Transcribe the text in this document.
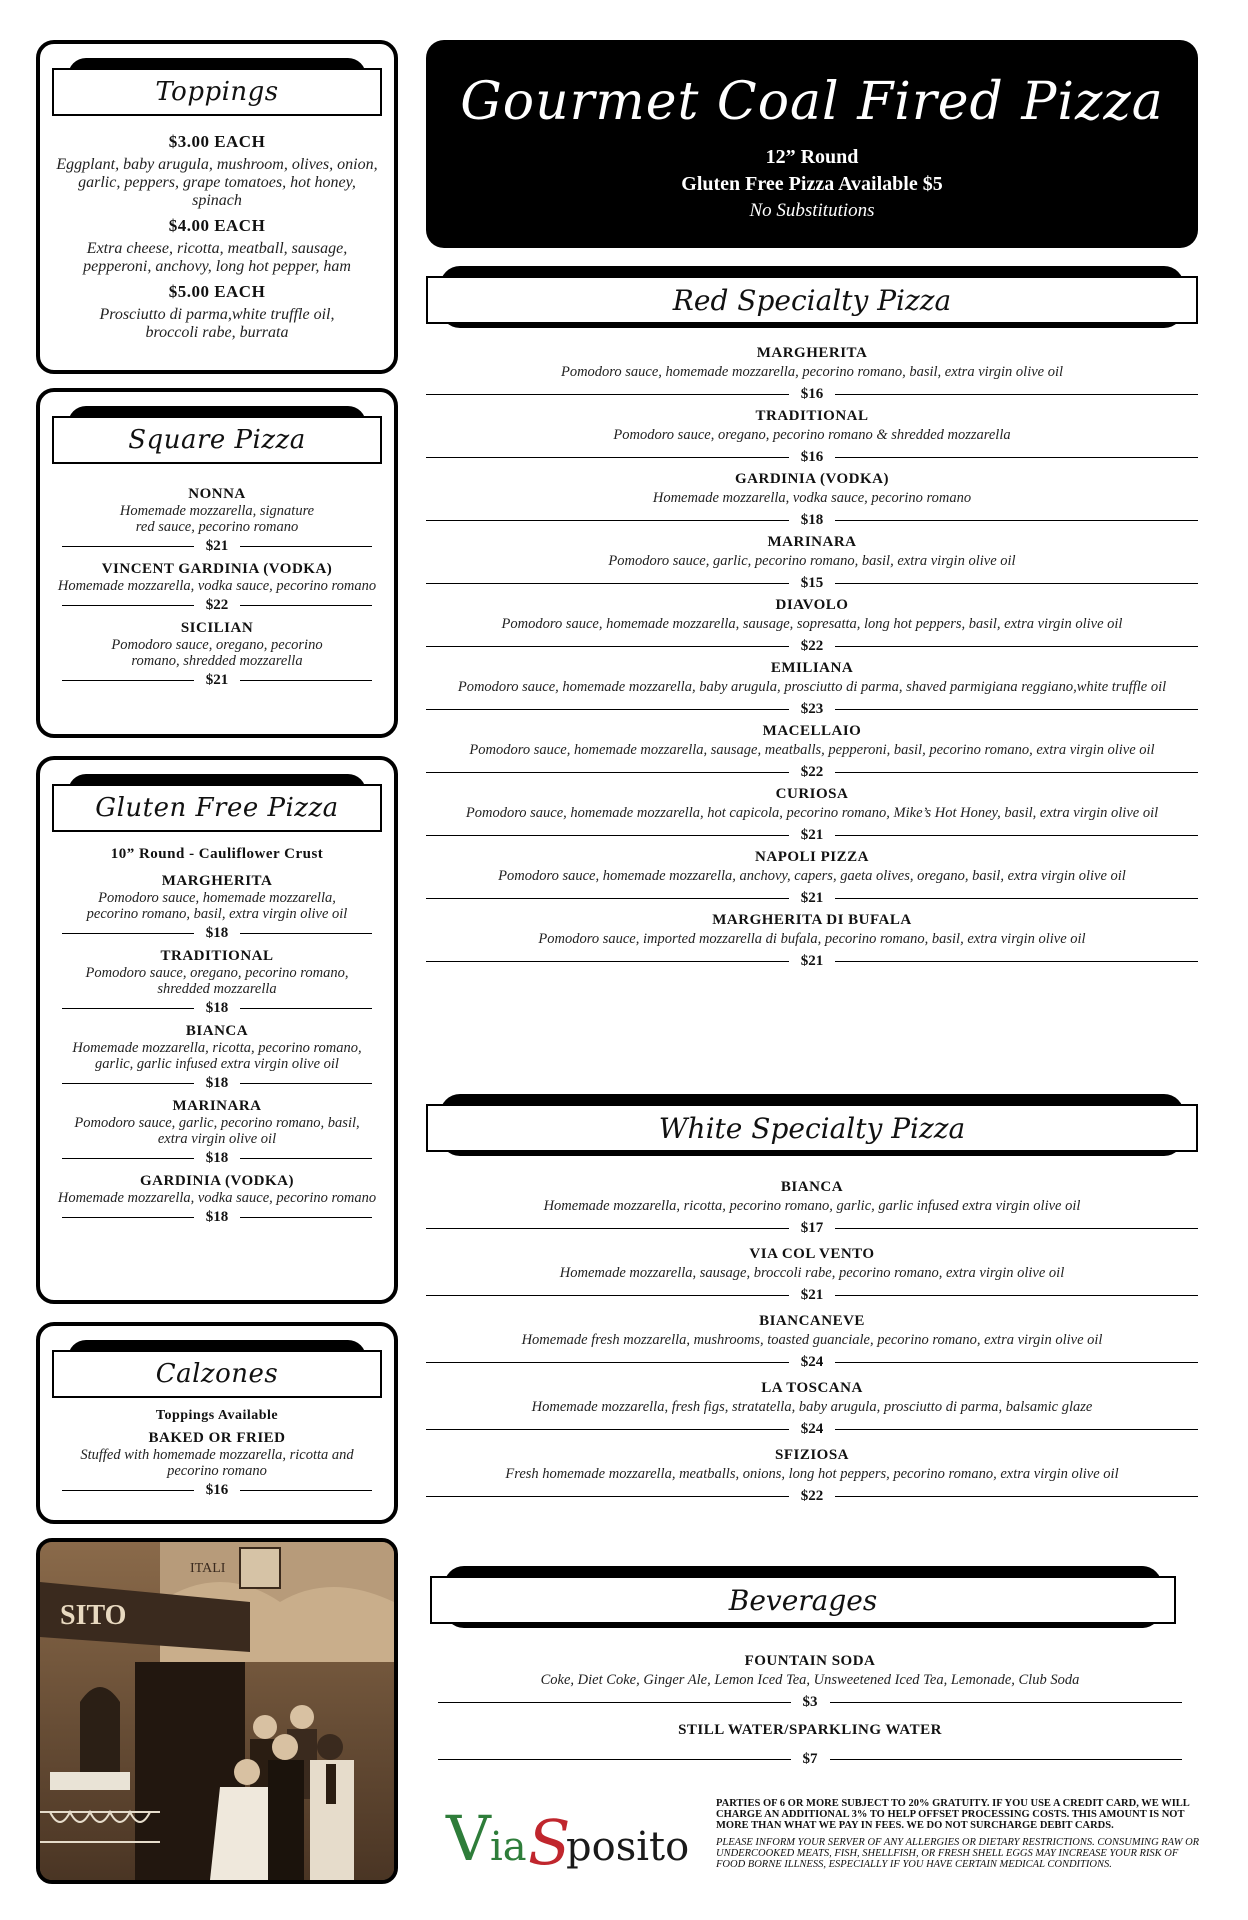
Toppings
$3.00 EACH
Eggplant, baby arugula, mushroom, olives, onion, garlic, peppers, grape tomatoes, hot honey, spinach
$4.00 EACH
Extra cheese, ricotta, meatball, sausage, pepperoni, anchovy, long hot pepper, ham
$5.00 EACH
Prosciutto di parma,white truffle oil, broccoli rabe, burrata
Square Pizza
NONNA
Homemade mozzarella, signature red sauce, pecorino romano
$21
VINCENT GARDINIA (VODKA)
Homemade mozzarella, vodka sauce, pecorino romano
$22
SICILIAN
Pomodoro sauce, oregano, pecorino romano, shredded mozzarella
$21
Gluten Free Pizza
10” Round - Cauliflower Crust
MARGHERITA
Pomodoro sauce, homemade mozzarella, pecorino romano, basil, extra virgin olive oil
$18
TRADITIONAL
Pomodoro sauce, oregano, pecorino romano, shredded mozzarella
$18
BIANCA
Homemade mozzarella, ricotta, pecorino romano, garlic, garlic infused extra virgin olive oil
$18
MARINARA
Pomodoro sauce, garlic, pecorino romano, basil, extra virgin olive oil
$18
GARDINIA (VODKA)
Homemade mozzarella, vodka sauce, pecorino romano
$18
Calzones
Toppings Available
BAKED OR FRIED
Stuffed with homemade mozzarella, ricotta and pecorino romano
$16
SITO
ITALI
Gourmet Coal Fired Pizza
12” Round
Gluten Free Pizza Available $5
No Substitutions
Red Specialty Pizza
MARGHERITA
Pomodoro sauce, homemade mozzarella, pecorino romano, basil, extra virgin olive oil
$16
TRADITIONAL
Pomodoro sauce, oregano, pecorino romano & shredded mozzarella
$16
GARDINIA (VODKA)
Homemade mozzarella, vodka sauce, pecorino romano
$18
MARINARA
Pomodoro sauce, garlic, pecorino romano, basil, extra virgin olive oil
$15
DIAVOLO
Pomodoro sauce, homemade mozzarella, sausage, sopresatta, long hot peppers, basil, extra virgin olive oil
$22
EMILIANA
Pomodoro sauce, homemade mozzarella, baby arugula, prosciutto di parma, shaved parmigiana reggiano,white truffle oil
$23
MACELLAIO
Pomodoro sauce, homemade mozzarella, sausage, meatballs, pepperoni, basil, pecorino romano, extra virgin olive oil
$22
CURIOSA
Pomodoro sauce, homemade mozzarella, hot capicola, pecorino romano, Mike’s Hot Honey, basil, extra virgin olive oil
$21
NAPOLI PIZZA
Pomodoro sauce, homemade mozzarella, anchovy, capers, gaeta olives, oregano, basil, extra virgin olive oil
$21
MARGHERITA DI BUFALA
Pomodoro sauce, imported mozzarella di bufala, pecorino romano, basil, extra virgin olive oil
$21
White Specialty Pizza
BIANCA
Homemade mozzarella, ricotta, pecorino romano, garlic, garlic infused extra virgin olive oil
$17
VIA COL VENTO
Homemade mozzarella, sausage, broccoli rabe, pecorino romano, extra virgin olive oil
$21
BIANCANEVE
Homemade fresh mozzarella, mushrooms, toasted guanciale, pecorino romano, extra virgin olive oil
$24
LA TOSCANA
Homemade mozzarella, fresh figs, stratatella, baby arugula, prosciutto di parma, balsamic glaze
$24
SFIZIOSA
Fresh homemade mozzarella, meatballs, onions, long hot peppers, pecorino romano, extra virgin olive oil
$22
Beverages
FOUNTAIN SODA
Coke, Diet Coke, Ginger Ale, Lemon Iced Tea, Unsweetened Iced Tea, Lemonade, Club Soda
$3
STILL WATER/SPARKLING WATER
$7
V ia S
posito
PARTIES OF 6 OR MORE SUBJECT TO 20% GRATUITY. IF YOU USE A CREDIT CARD, WE WILL CHARGE AN ADDITIONAL 3% TO HELP OFFSET PROCESSING COSTS. THIS AMOUNT IS NOT MORE THAN WHAT WE PAY IN FEES. WE DO NOT SURCHARGE DEBIT CARDS.
PLEASE INFORM YOUR SERVER OF ANY ALLERGIES OR DIETARY RESTRICTIONS. CONSUMING RAW OR UNDERCOOKED MEATS, FISH, SHELLFISH, OR FRESH SHELL EGGS MAY INCREASE YOUR RISK OF FOOD BORNE ILLNESS, ESPECIALLY IF YOU HAVE CERTAIN MEDICAL CONDITIONS.
